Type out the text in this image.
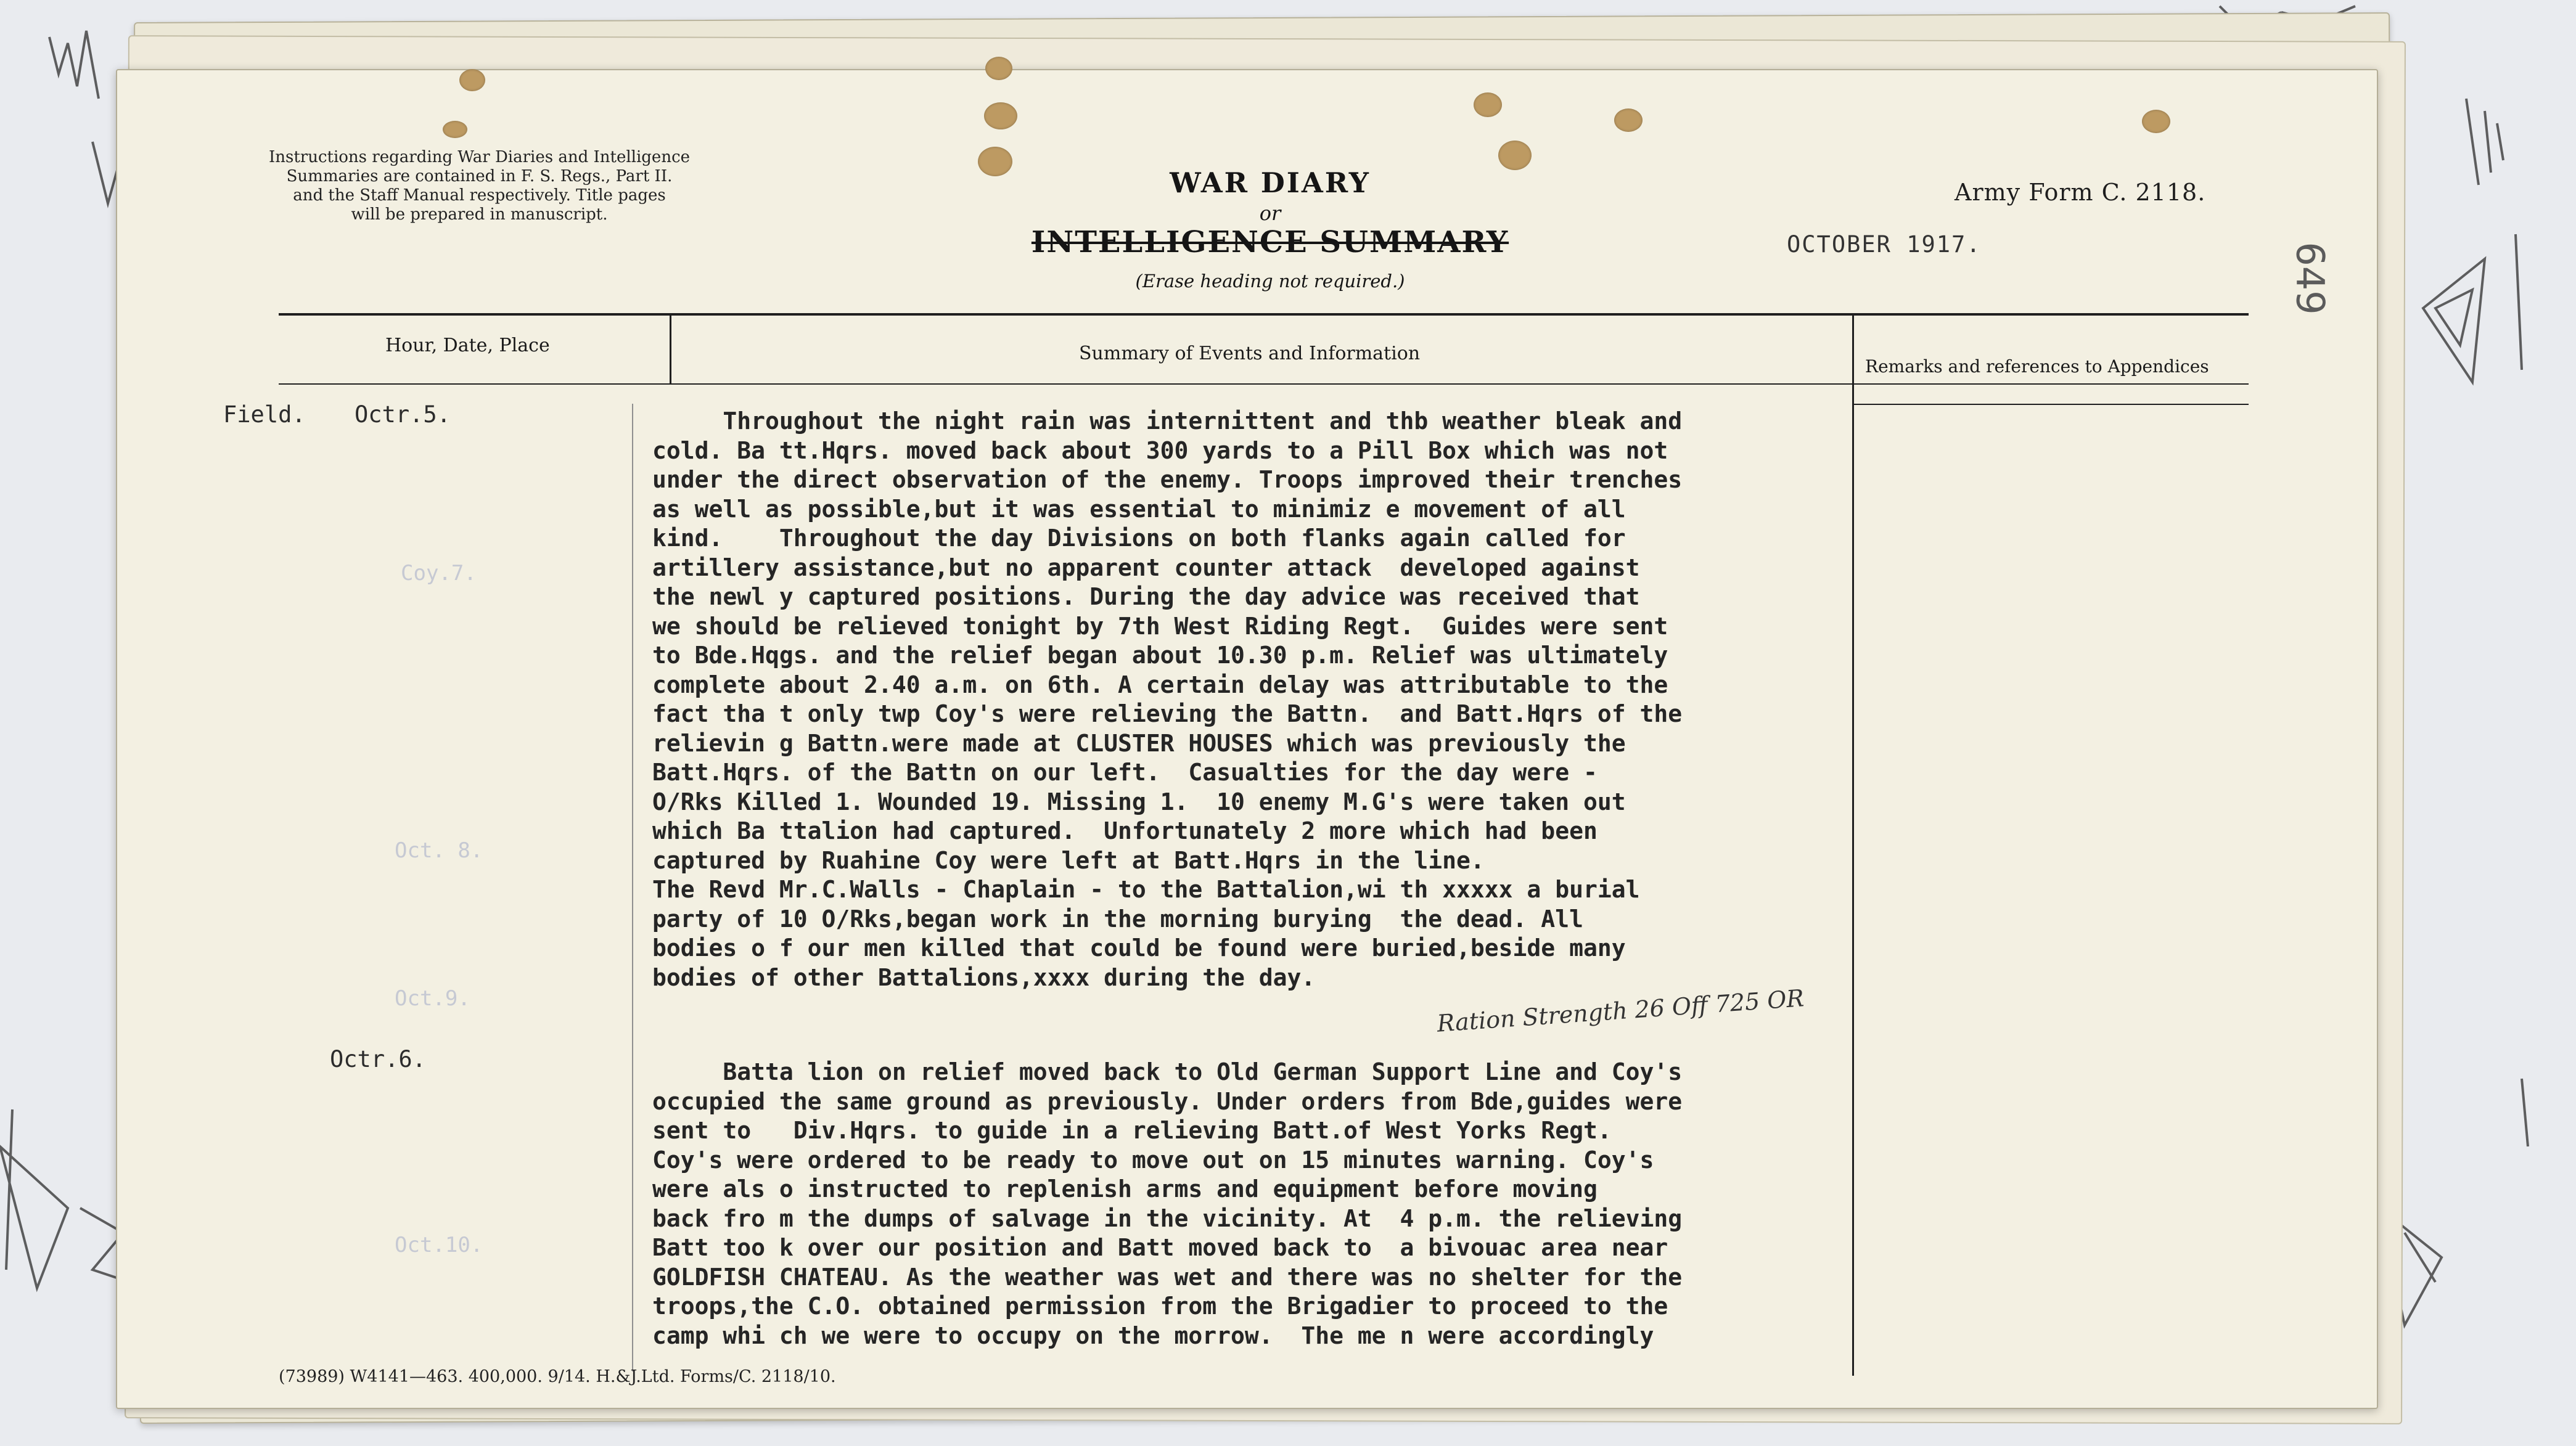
Instructions regarding War Diaries and Intelligence
Summaries are contained in F. S. Regs., Part II.
and the Staff Manual respectively. Title pages
will be prepared in manuscript.
WAR DIARY
or
INTELLIGENCE SUMMARY
(Erase heading not required.)
Army Form C. 2118.
OCTOBER 1917.	649
Hour, Date, Place	Summary of Events and Information
Remarks and references to Appendices
Coy.7.
Oct. 8.
Oct.9.
Oct.10.
Field. Octr.5.
Octr.6.
Throughout the night rain was internittent and thb weather bleak and
cold. Ba tt.Hqrs. moved back about 300 yards to a Pill Box which was not
under the direct observation of the enemy. Troops improved their trenches
as well as possible,but it was essential to minimiz e movement of all
kind.    Throughout the day Divisions on both flanks again called for
artillery assistance,but no apparent counter attack  developed against
the newl y captured positions. During the day advice was received that
we should be relieved tonight by 7th West Riding Regt.  Guides were sent
to Bde.Hqgs. and the relief began about 10.30 p.m. Relief was ultimately
complete about 2.40 a.m. on 6th. A certain delay was attributable to the
fact tha t only twp Coy's were relieving the Battn.  and Batt.Hqrs of the
relievin g Battn.were made at CLUSTER HOUSES which was previously the
Batt.Hqrs. of the Battn on our left.  Casualties for the day were -
O/Rks Killed 1. Wounded 19. Missing 1.  10 enemy M.G's were taken out
which Ba ttalion had captured.  Unfortunately 2 more which had been
captured by Ruahine Coy were left at Batt.Hqrs in the line.
The Revd Mr.C.Walls - Chaplain - to the Battalion,wi th xxxxx a burial
party of 10 O/Rks,began work in the morning burying  the dead. All
bodies o f our men killed that could be found were buried,beside many
bodies of other Battalions,xxxx during the day.
Ration Strength 26 Off 725 OR
Batta lion on relief moved back to Old German Support Line and Coy's
occupied the same ground as previously. Under orders from Bde,guides were
sent to   Div.Hqrs. to guide in a relieving Batt.of West Yorks Regt.
Coy's were ordered to be ready to move out on 15 minutes warning. Coy's
were als o instructed to replenish arms and equipment before moving
back fro m the dumps of salvage in the vicinity. At  4 p.m. the relieving
Batt too k over our position and Batt moved back to  a bivouac area near
GOLDFISH CHATEAU. As the weather was wet and there was no shelter for the
troops,the C.O. obtained permission from the Brigadier to proceed to the
camp whi ch we were to occupy on the morrow.  The me n were accordingly
(73989) W4141—463. 400,000. 9/14. H.&J.Ltd. Forms/C. 2118/10.
